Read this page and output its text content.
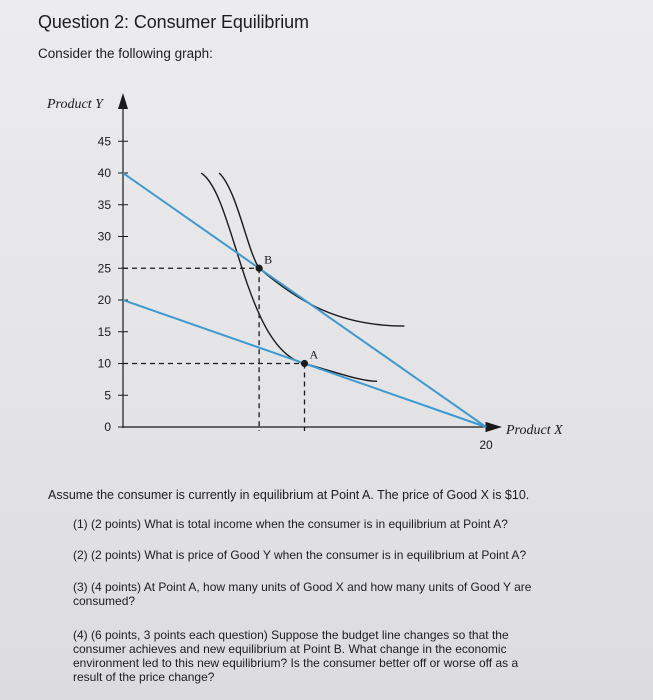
Question 2: Consumer Equilibrium
Consider the following graph:
Product Y
Product X
0
5
10
15
20
25
30
35
40
45
20
B
A
Assume the consumer is currently in equilibrium at Point A. The price of Good X is $10.
(1) (2 points) What is total income when the consumer is in equilibrium at Point A?
(2) (2 points) What is price of Good Y when the consumer is in equilibrium at Point A?
(3) (4 points) At Point A, how many units of Good X and how many units of Good Y are consumed?
(4) (6 points, 3 points each question) Suppose the budget line changes so that the consumer achieves and new equilibrium at Point B. What change in the economic environment led to this new equilibrium? Is the consumer better off or worse off as a result of the price change?
